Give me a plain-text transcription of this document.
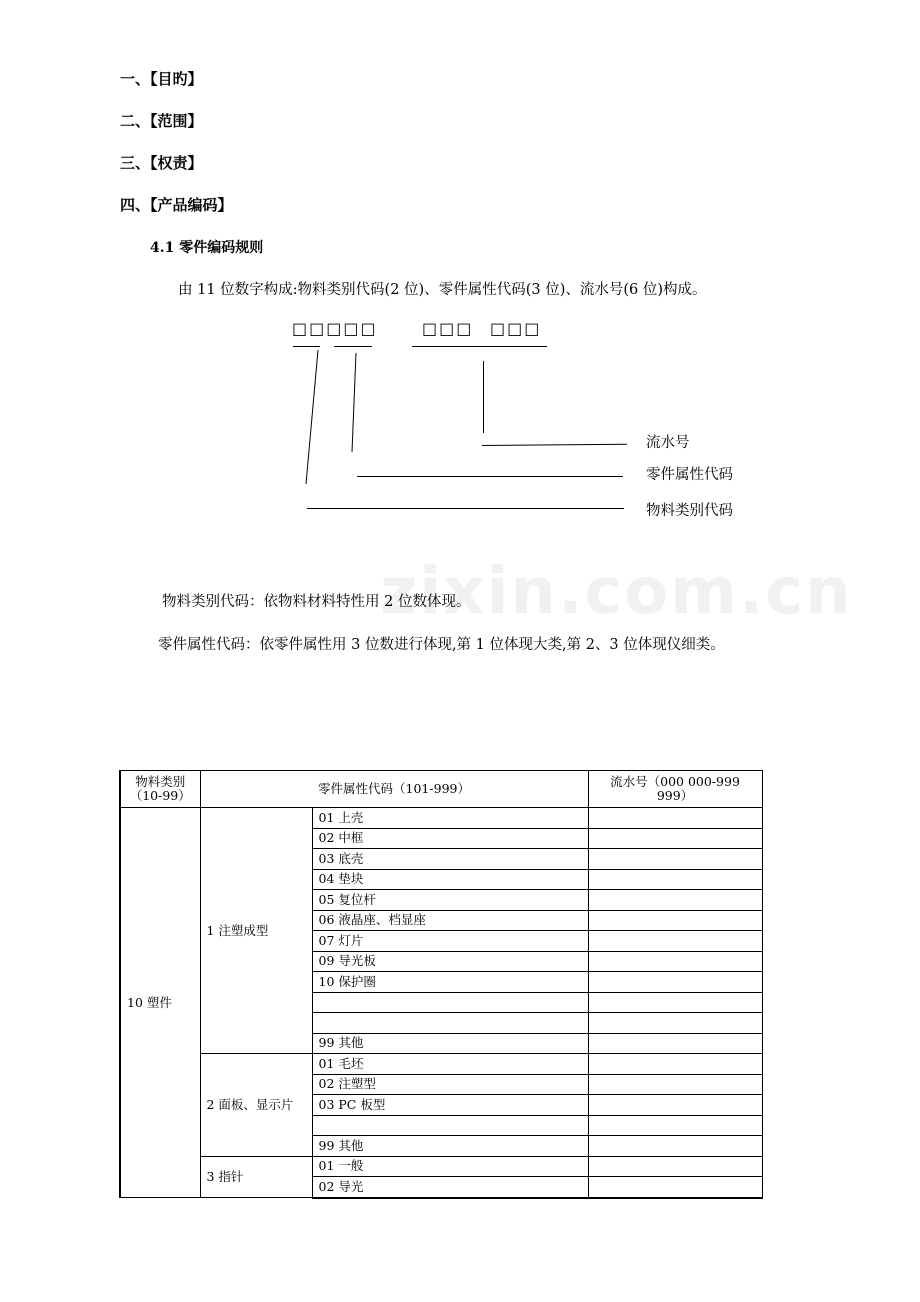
一、【目旳】
二、【范围】
三、【权责】
四、【产品编码】
4.1 零件编码规则
由 11 位数字构成:物料类别代码(2 位)、零件属性代码(3 位)、流水号(6 位)构成。
□□□□□	□□□ □□□
流水号
零件属性代码
物料类别代码
zixin.com.cn
物料类别代码：依物料材料特性用 2 位数体现。
零件属性代码：依零件属性用 3 位数进行体现,第 1 位体现大类,第 2、3 位体现仪细类。
物料类别（10-99）	零件属性代码（101-999）		流水号（000 000-999 999）
10 塑件	1 注塑成型	01 上壳	
		02 中框	
		03 底壳	
		04 垫块	
		05 复位杆	
		06 液晶座、档显座	
		07 灯片	
		09 导光板	
		10 保护圈	

		99 其他	
	2 面板、显示片	01 毛坯	
		02 注塑型	
		03 PC 板型	

		99 其他	
	3 指针	01 一般	
		02 导光	
